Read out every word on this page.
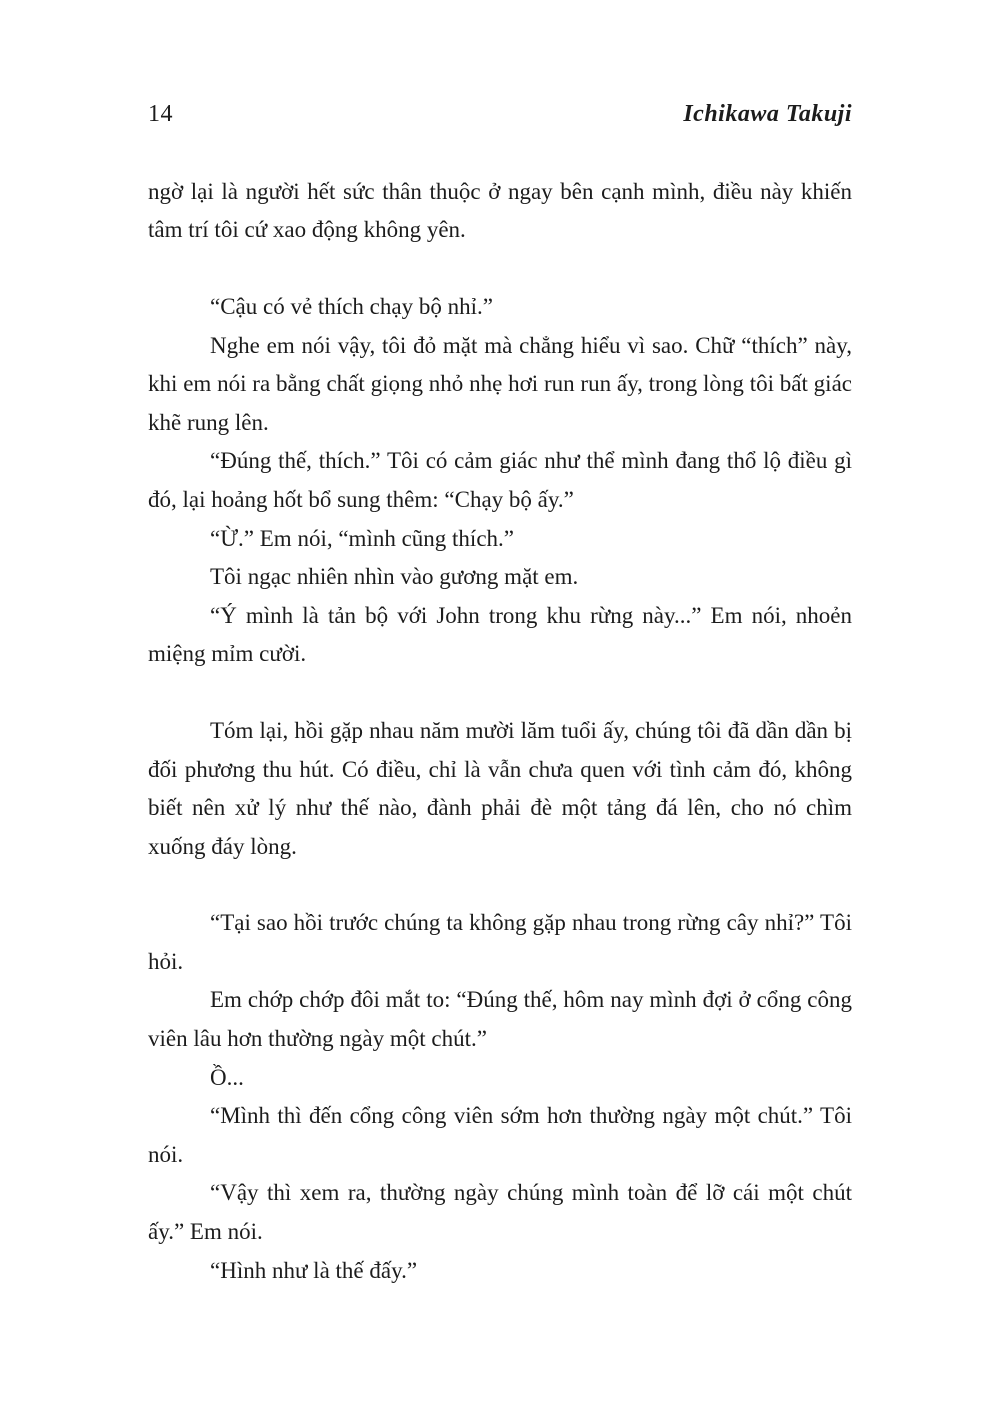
14	Ichikawa Takuji

ngờ lại là người hết sức thân thuộc ở ngay bên cạnh mình, điều này khiến tâm trí tôi cứ xao động không yên.

“Cậu có vẻ thích chạy bộ nhỉ.”

Nghe em nói vậy, tôi đỏ mặt mà chẳng hiểu vì sao. Chữ “thích” này, khi em nói ra bằng chất giọng nhỏ nhẹ hơi run run ấy, trong lòng tôi bất giác khẽ rung lên.

“Đúng thế, thích.” Tôi có cảm giác như thể mình đang thổ lộ điều gì đó, lại hoảng hốt bổ sung thêm: “Chạy bộ ấy.”

“Ừ.” Em nói, “mình cũng thích.”

Tôi ngạc nhiên nhìn vào gương mặt em.

“Ý mình là tản bộ với John trong khu rừng này...” Em nói, nhoẻn miệng mỉm cười.

Tóm lại, hồi gặp nhau năm mười lăm tuổi ấy, chúng tôi đã dần dần bị đối phương thu hút. Có điều, chỉ là vẫn chưa quen với tình cảm đó, không biết nên xử lý như thế nào, đành phải đè một tảng đá lên, cho nó chìm xuống đáy lòng.

“Tại sao hồi trước chúng ta không gặp nhau trong rừng cây nhỉ?” Tôi hỏi.

Em chớp chớp đôi mắt to: “Đúng thế, hôm nay mình đợi ở cổng công viên lâu hơn thường ngày một chút.”

Ồ...

“Mình thì đến cổng công viên sớm hơn thường ngày một chút.” Tôi nói.

“Vậy thì xem ra, thường ngày chúng mình toàn để lỡ cái một chút ấy.” Em nói.

“Hình như là thế đấy.”
